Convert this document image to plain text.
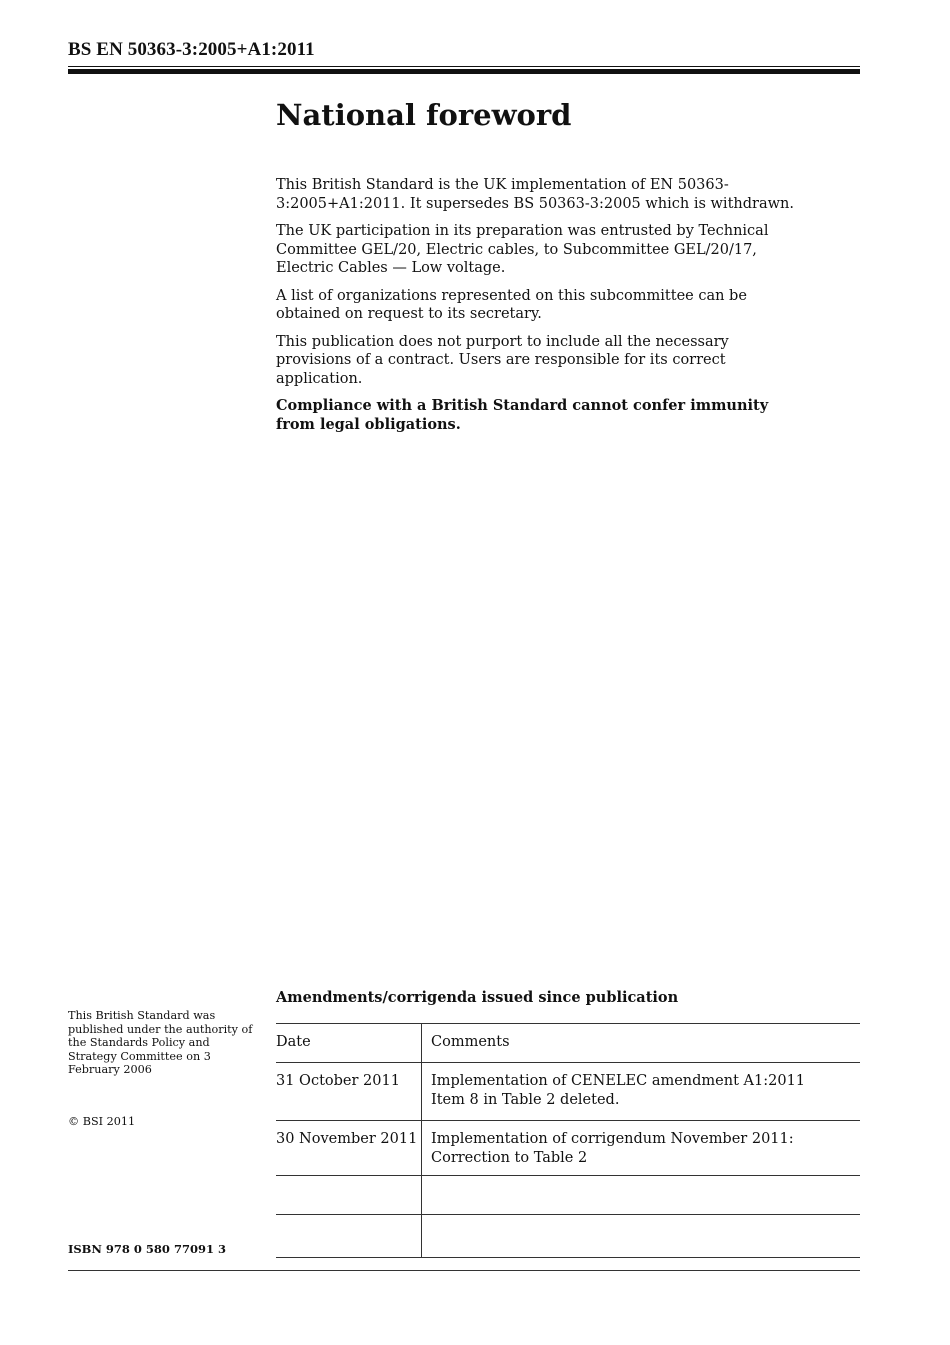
BS EN 50363-3:2005+A1:2011
National foreword

This British Standard is the UK implementation of EN 50363-3:2005+A1:2011. It supersedes BS 50363-3:2005 which is withdrawn.

The UK participation in its preparation was entrusted by Technical Committee GEL/20, Electric cables, to Subcommittee GEL/20/17, Electric Cables — Low voltage.

A list of organizations represented on this subcommittee can be obtained on request to its secretary.

This publication does not purport to include all the necessary provisions of a contract. Users are responsible for its correct application.

Compliance with a British Standard cannot confer immunity from legal obligations.

This British Standard was published under the authority of the Standards Policy and Strategy Committee on 3 February 2006
© BSI 2011
ISBN 978 0 580 77091 3
Amendments/corrigenda issued since publication
Date	Comments
31 October 2011	Implementation of CENELEC amendment A1:2011
Item 8 in Table 2 deleted.

30 November 2011	Implementation of corrigendum November 2011:
Correction to Table 2
